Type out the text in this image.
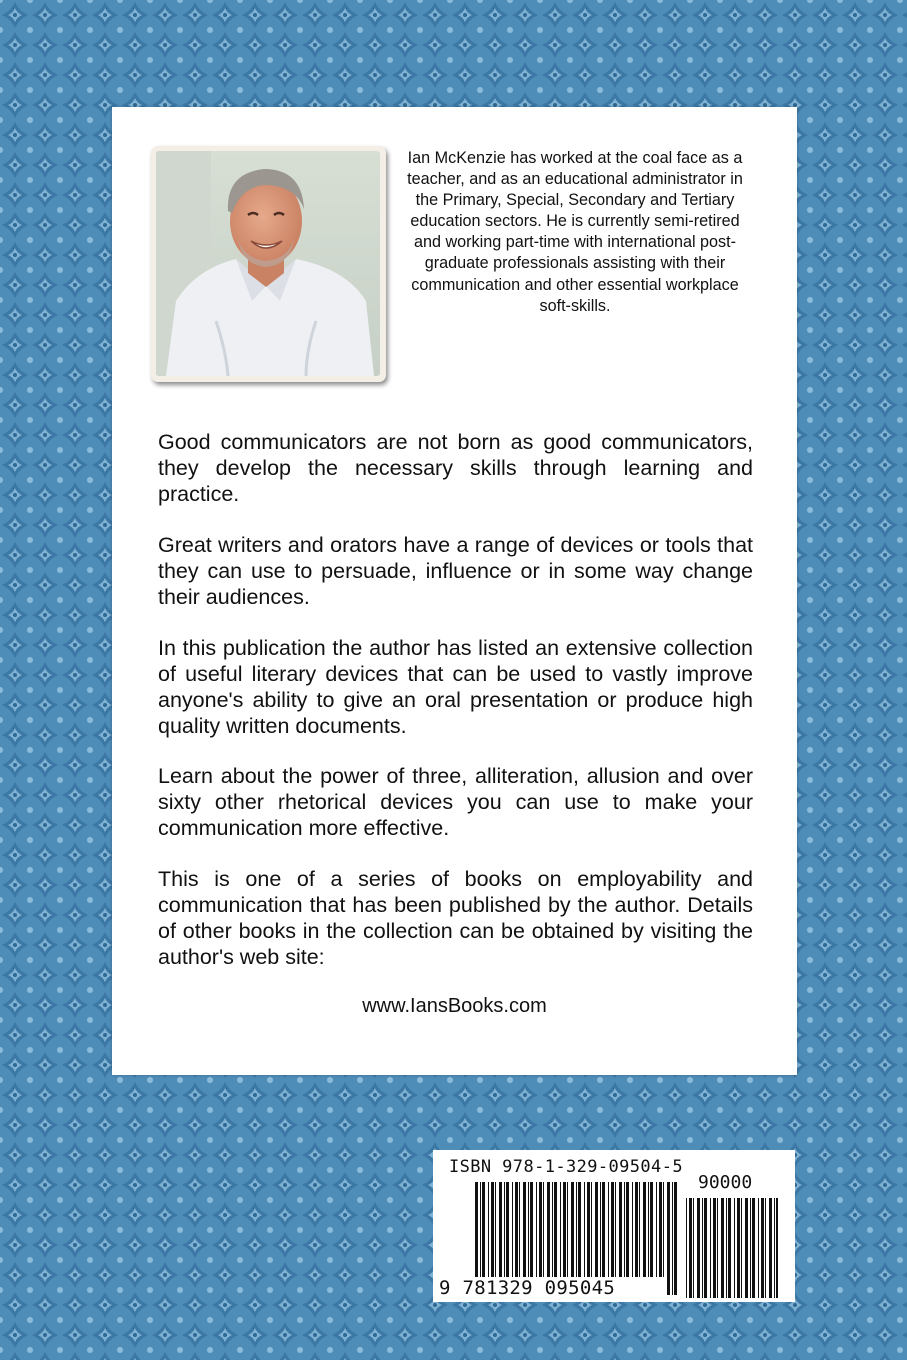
Ian McKenzie has worked at the coal face as a teacher, and as an educational administrator in the Primary, Special, Secondary and Tertiary education sectors. He is currently semi-retired and working part-time with international post-graduate professionals assisting with their communication and other essential workplace soft-skills.
Good communicators are not born as good communicators, they develop the necessary skills through learning and practice.
Great writers and orators have a range of devices or tools that they can use to persuade, influence or in some way change their audiences.
In this publication the author has listed an extensive collection of useful literary devices that can be used to vastly improve anyone's ability to give an oral presentation or produce high quality written documents.
Learn about the power of three, alliteration, allusion and over sixty other rhetorical devices you can use to make your communication more effective.
This is one of a series of books on employability and communication that has been published by the author. Details of other books in the collection can be obtained by visiting the author's web site:
www.IansBooks.com
ISBN 978-1-329-09504-5
90000
9 781329 095045
